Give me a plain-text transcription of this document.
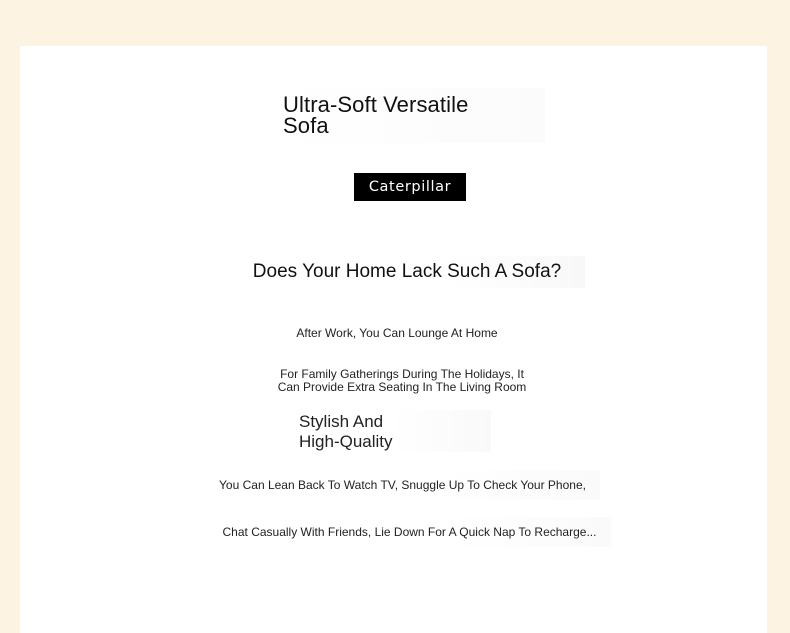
Ultra-Soft Versatile
Sofa
Caterpillar
Does Your Home Lack Such A Sofa?

After Work, You Can Lounge At Home

For Family Gatherings During The Holidays, It
Can Provide Extra Seating In The Living Room

Stylish And
High-Quality

You Can Lean Back To Watch TV, Snuggle Up To Check Your Phone,

Chat Casually With Friends, Lie Down For A Quick Nap To Recharge...
